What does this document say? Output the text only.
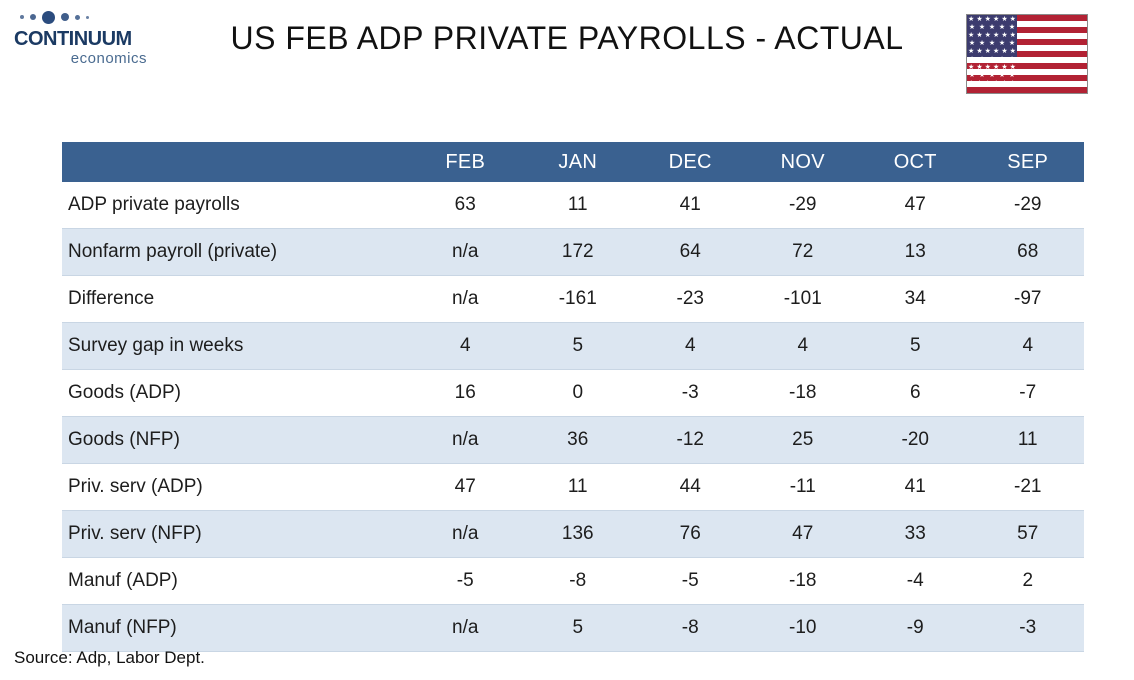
CONTINUUM
economics
US FEB ADP PRIVATE PAYROLLS - ACTUAL
★ ★ ★ ★ ★ ★
★ ★ ★ ★ ★
★ ★ ★ ★ ★ ★
★ ★ ★ ★ ★
★ ★ ★ ★ ★ ★
★ ★ ★ ★ ★
★ ★ ★ ★ ★ ★
★ ★ ★ ★ ★
★ ★ ★ ★ ★ ★
	FEB	JAN	DEC	NOV	OCT	SEP
ADP private payrolls	63	11	41	-29	47	-29
Nonfarm payroll (private)	n/a	172	64	72	13	68
Difference	n/a	-161	-23	-101	34	-97
Survey gap in weeks	4	5	4	4	5	4
Goods (ADP)	16	0	-3	-18	6	-7
Goods (NFP)	n/a	36	-12	25	-20	11
Priv. serv (ADP)	47	11	44	-11	41	-21
Priv. serv (NFP)	n/a	136	76	47	33	57
Manuf (ADP)	-5	-8	-5	-18	-4	2
Manuf (NFP)	n/a	5	-8	-10	-9	-3
Source: Adp, Labor Dept.
